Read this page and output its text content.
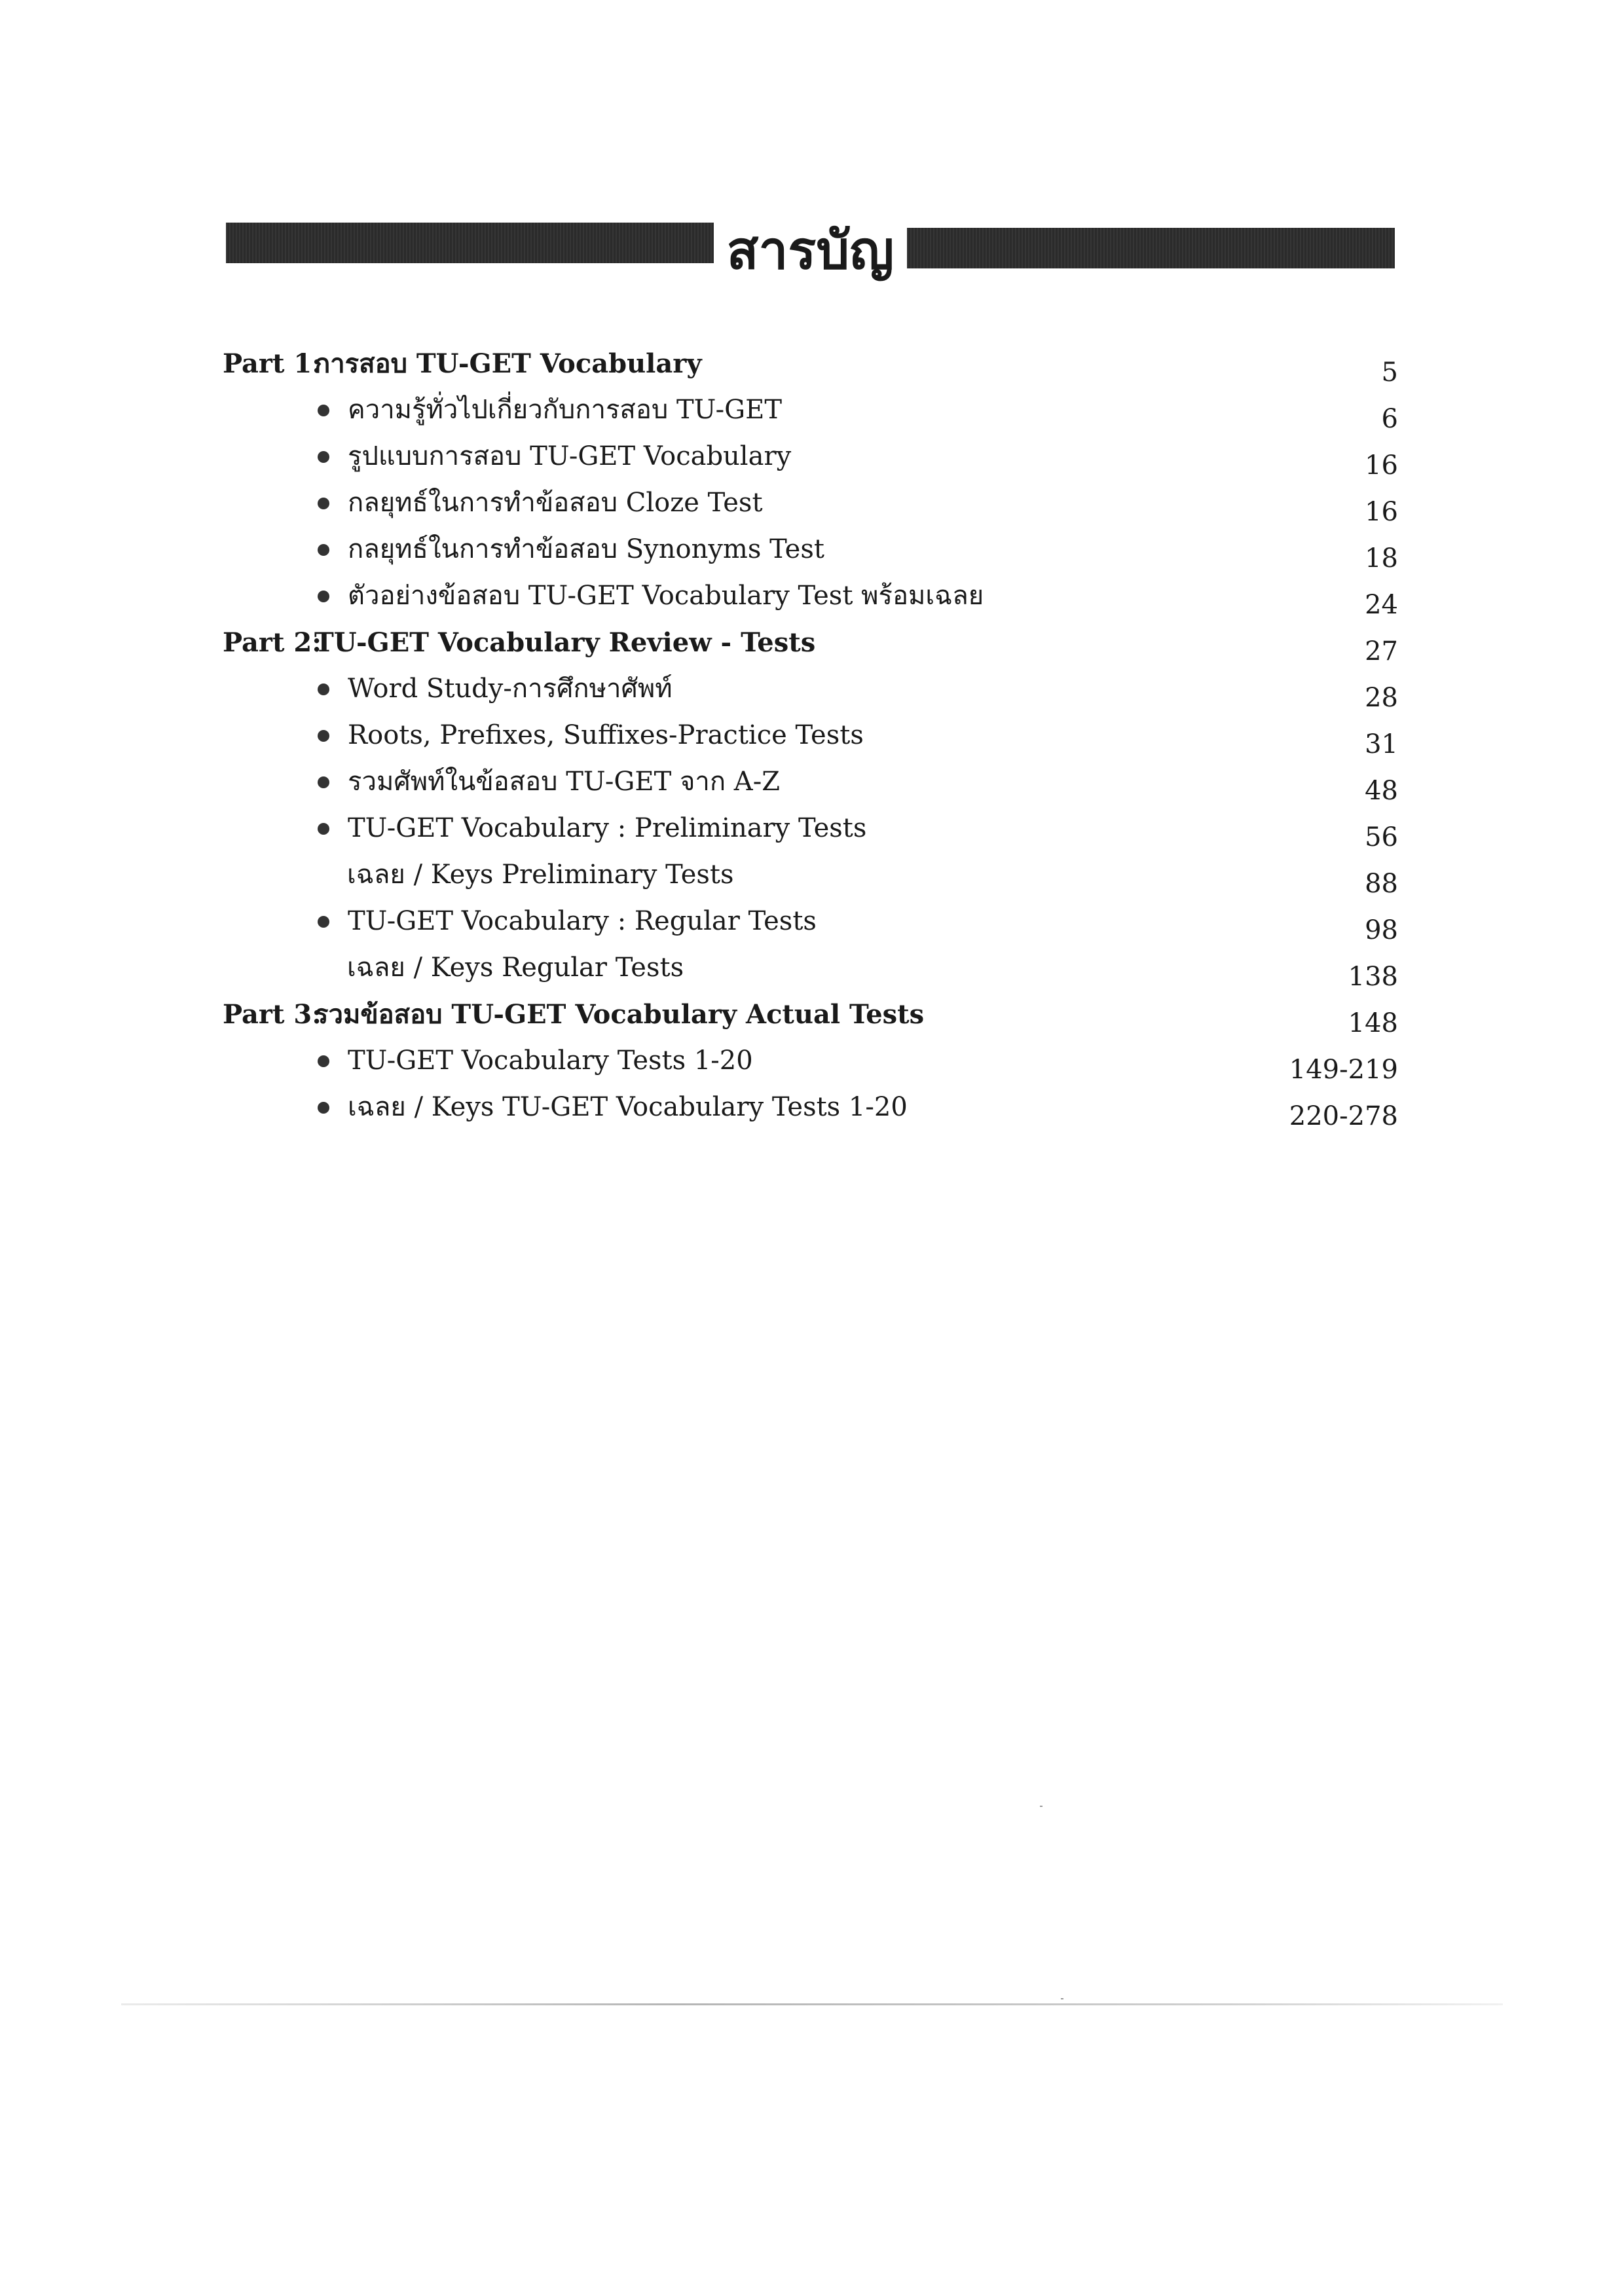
สารบัญ
Part 1:การสอบ TU-GET Vocabulary	5
ความรู้ทั่วไปเกี่ยวกับการสอบ TU-GET	6
รูปแบบการสอบ TU-GET Vocabulary	16
กลยุทธ์ในการทำข้อสอบ Cloze Test	16
กลยุทธ์ในการทำข้อสอบ Synonyms Test	18
ตัวอย่างข้อสอบ TU-GET Vocabulary Test พร้อมเฉลย	24
Part 2:TU-GET Vocabulary Review - Tests	27
Word Study-การศึกษาศัพท์	28
Roots, Prefixes, Suffixes-Practice Tests	31
รวมศัพท์ในข้อสอบ TU-GET จาก A-Z	48
TU-GET Vocabulary : Preliminary Tests	56
เฉลย / Keys Preliminary Tests	88
TU-GET Vocabulary : Regular Tests	98
เฉลย / Keys Regular Tests	138
Part 3:รวมข้อสอบ TU-GET Vocabulary Actual Tests	148
TU-GET Vocabulary Tests 1-20	149-219
เฉลย / Keys TU-GET Vocabulary Tests 1-20	220-278
